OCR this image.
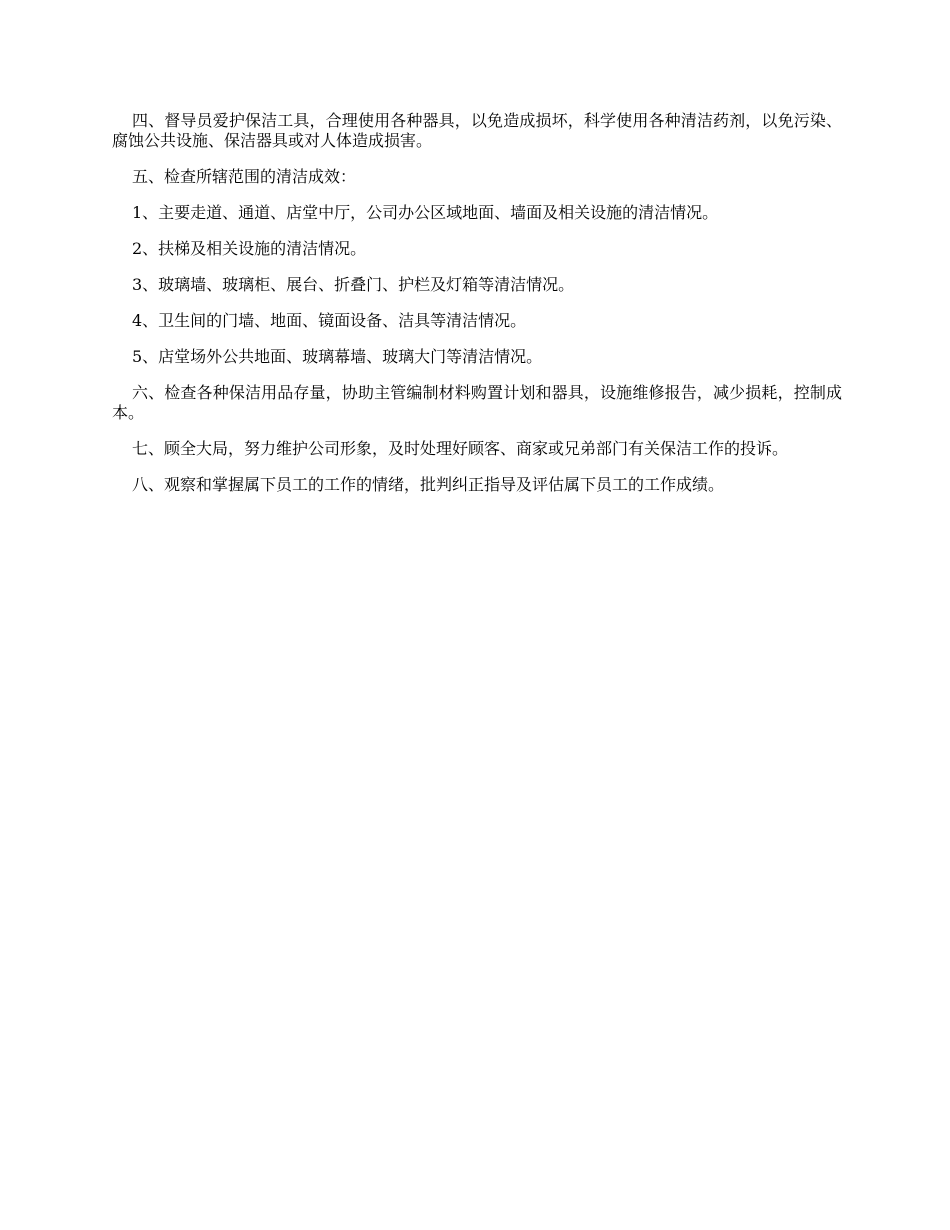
四、督导员爱护保洁工具，合理使用各种器具，以免造成损坏，科学使用各种清洁药剂，以免污染、腐蚀公共设施、保洁器具或对人体造成损害。

五、检查所辖范围的清洁成效：

1、主要走道、通道、店堂中厅，公司办公区域地面、墙面及相关设施的清洁情况。

2、扶梯及相关设施的清洁情况。

3、玻璃墙、玻璃柜、展台、折叠门、护栏及灯箱等清洁情况。

4、卫生间的门墙、地面、镜面设备、洁具等清洁情况。

5、店堂场外公共地面、玻璃幕墙、玻璃大门等清洁情况。

六、检查各种保洁用品存量，协助主管编制材料购置计划和器具，设施维修报告，减少损耗，控制成本。

七、顾全大局，努力维护公司形象，及时处理好顾客、商家或兄弟部门有关保洁工作的投诉。

八、观察和掌握属下员工的工作的情绪，批判纠正指导及评估属下员工的工作成绩。
